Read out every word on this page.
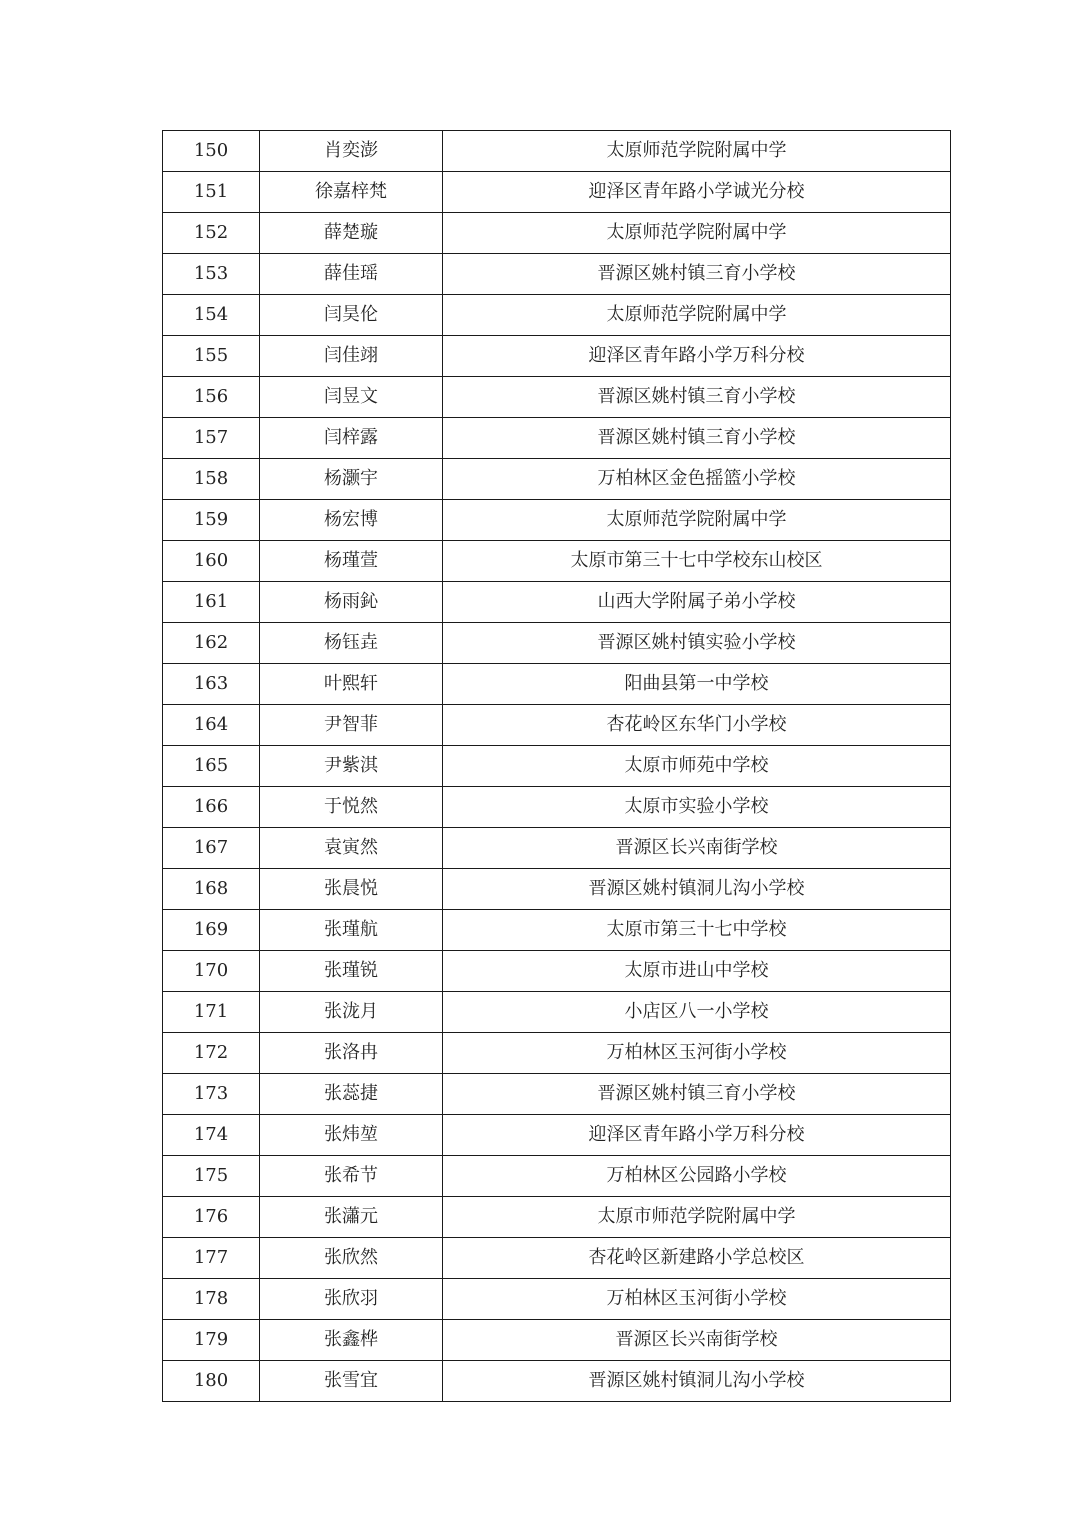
150	肖奕澎	太原师范学院附属中学
151	徐嘉梓梵	迎泽区青年路小学诚光分校
152	薛楚璇	太原师范学院附属中学
153	薛佳瑶	晋源区姚村镇三育小学校
154	闫昊伦	太原师范学院附属中学
155	闫佳翊	迎泽区青年路小学万科分校
156	闫昱文	晋源区姚村镇三育小学校
157	闫梓露	晋源区姚村镇三育小学校
158	杨灏宇	万柏林区金色摇篮小学校
159	杨宏博	太原师范学院附属中学
160	杨瑾萱	太原市第三十七中学校东山校区
161	杨雨鈊	山西大学附属子弟小学校
162	杨钰垚	晋源区姚村镇实验小学校
163	叶熙轩	阳曲县第一中学校
164	尹智菲	杏花岭区东华门小学校
165	尹紫淇	太原市师苑中学校
166	于悦然	太原市实验小学校
167	袁寅然	晋源区长兴南街学校
168	张晨悦	晋源区姚村镇洞儿沟小学校
169	张瑾航	太原市第三十七中学校
170	张瑾锐	太原市进山中学校
171	张泷月	小店区八一小学校
172	张洛冉	万柏林区玉河街小学校
173	张蕊捷	晋源区姚村镇三育小学校
174	张炜堃	迎泽区青年路小学万科分校
175	张希节	万柏林区公园路小学校
176	张瀟元	太原市师范学院附属中学
177	张欣然	杏花岭区新建路小学总校区
178	张欣羽	万柏林区玉河街小学校
179	张鑫桦	晋源区长兴南街学校
180	张雪宜	晋源区姚村镇洞儿沟小学校
